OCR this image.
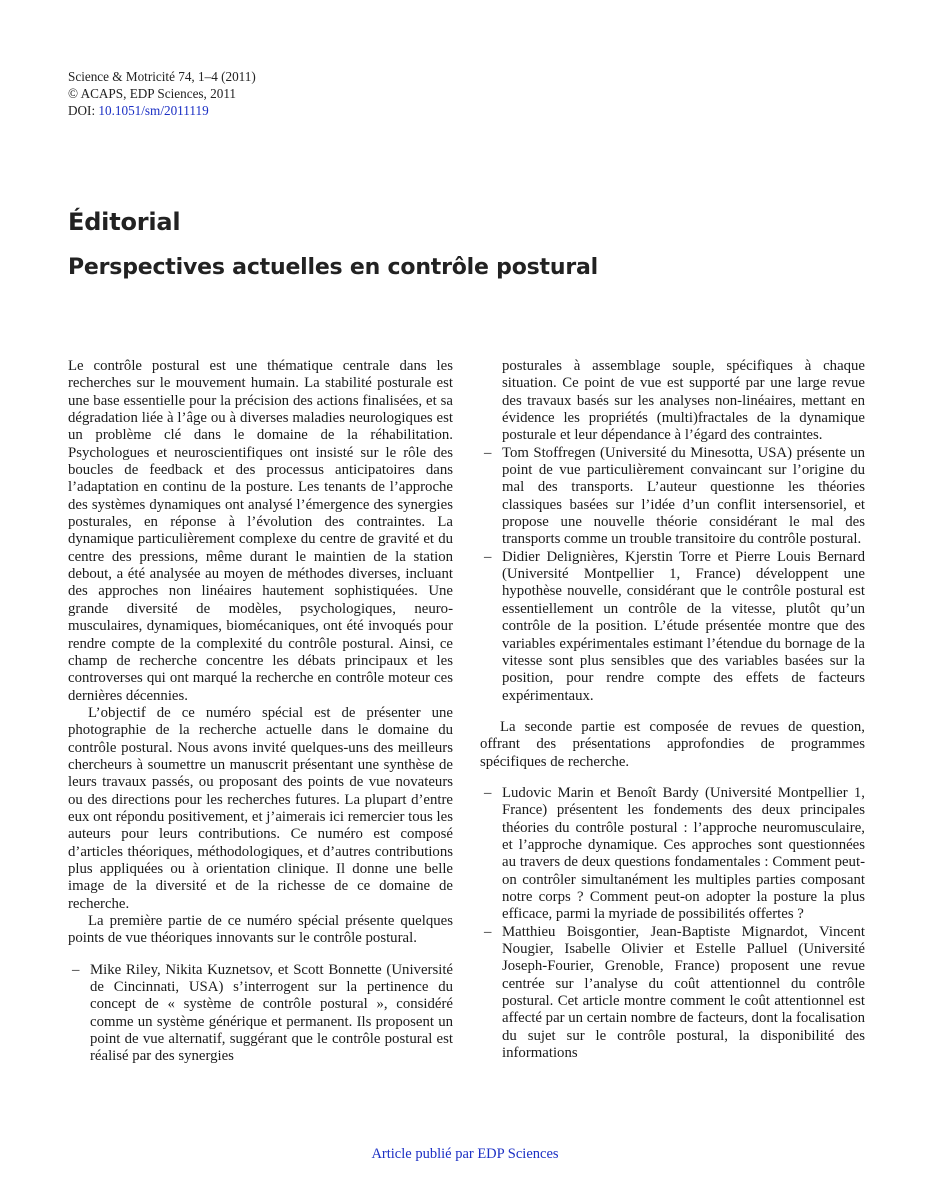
Science & Motricité 74, 1–4 (2011)
© ACAPS, EDP Sciences, 2011
DOI: 10.1051/sm/2011119
Éditorial
Perspectives actuelles en contrôle postural

Le contrôle postural est une thématique centrale dans les recherches sur le mouvement humain. La stabilité posturale est une base essentielle pour la précision des actions finalisées, et sa dégradation liée à l’âge ou à diverses maladies neurologiques est un problème clé dans le domaine de la réhabilitation. Psychologues et neuroscientifiques ont insisté sur le rôle des boucles de feedback et des processus anticipatoires dans l’adaptation en continu de la posture. Les tenants de l’approche des systèmes dynamiques ont analysé l’émergence des synergies posturales, en réponse à l’évolution des contraintes. La dynamique particulièrement complexe du centre de gravité et du centre des pressions, même durant le maintien de la station debout, a été analysée au moyen de méthodes diverses, incluant des approches non linéaires hautement sophistiquées. Une grande diversité de modèles, psychologiques, neuro-musculaires, dynamiques, biomécaniques, ont été invoqués pour rendre compte de la complexité du contrôle postural. Ainsi, ce champ de recherche concentre les débats principaux et les controverses qui ont marqué la recherche en contrôle moteur ces dernières décennies.

L’objectif de ce numéro spécial est de présenter une photographie de la recherche actuelle dans le domaine du contrôle postural. Nous avons invité quelques-uns des meilleurs chercheurs à soumettre un manuscrit présentant une synthèse de leurs travaux passés, ou proposant des points de vue novateurs ou des directions pour les recherches futures. La plupart d’entre eux ont répondu positivement, et j’aimerais ici remercier tous les auteurs pour leurs contributions. Ce numéro est composé d’articles théoriques, méthodologiques, et d’autres contributions plus appliquées ou à orientation clinique. Il donne une belle image de la diversité et de la richesse de ce domaine de recherche.

La première partie de ce numéro spécial présente quelques points de vue théoriques innovants sur le contrôle postural.

– Mike Riley, Nikita Kuznetsov, et Scott Bonnette (Université de Cincinnati, USA) s’interrogent sur la pertinence du concept de « système de contrôle postural », considéré comme un système générique et permanent. Ils proposent un point de vue alternatif, suggérant que le contrôle postural est réalisé par des synergies

posturales à assemblage souple, spécifiques à chaque situation. Ce point de vue est supporté par une large revue des travaux basés sur les analyses non-linéaires, mettant en évidence les propriétés (multi)fractales de la dynamique posturale et leur dépendance à l’égard des contraintes.

– Tom Stoffregen (Université du Minesotta, USA) présente un point de vue particulièrement convaincant sur l’origine du mal des transports. L’auteur questionne les théories classiques basées sur l’idée d’un conflit intersensoriel, et propose une nouvelle théorie considérant le mal des transports comme un trouble transitoire du contrôle postural.
– Didier Delignières, Kjerstin Torre et Pierre Louis Bernard (Université Montpellier 1, France) développent une hypothèse nouvelle, considérant que le contrôle postural est essentiellement un contrôle de la vitesse, plutôt qu’un contrôle de la position. L’étude présentée montre que des variables expérimentales estimant l’étendue du bornage de la vitesse sont plus sensibles que des variables basées sur la position, pour rendre compte des effets de facteurs expérimentaux.

La seconde partie est composée de revues de question, offrant des présentations approfondies de programmes spécifiques de recherche.

– Ludovic Marin et Benoît Bardy (Université Montpellier 1, France) présentent les fondements des deux principales théories du contrôle postural : l’approche neuromusculaire, et l’approche dynamique. Ces approches sont questionnées au travers de deux questions fondamentales : Comment peut-on contrôler simultanément les multiples parties composant notre corps ? Comment peut-on adopter la posture la plus efficace, parmi la myriade de possibilités offertes ?
– Matthieu Boisgontier, Jean-Baptiste Mignardot, Vincent Nougier, Isabelle Olivier et Estelle Palluel (Université Joseph-Fourier, Grenoble, France) proposent une revue centrée sur l’analyse du coût attentionnel du contrôle postural. Cet article montre comment le coût attentionnel est affecté par un certain nombre de facteurs, dont la focalisation du sujet sur le contrôle postural, la disponibilité des informations
Article publié par EDP Sciences
